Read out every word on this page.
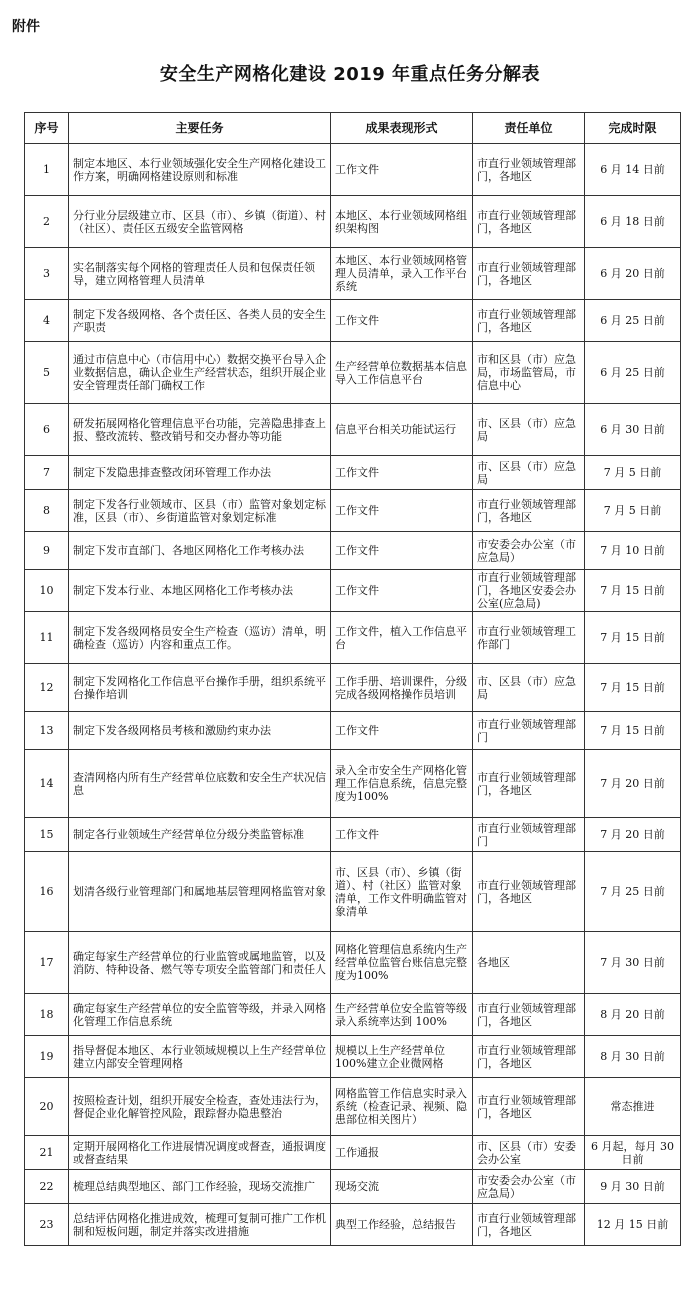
附件
安全生产网格化建设 2019 年重点任务分解表
序号	主要任务	成果表现形式	责任单位	完成时限

1	制定本地区、本行业领域强化安全生产网格化建设工作方案，明确网格建设原则和标准	工作文件	市直行业领域管理部门，各地区	6 月 14 日前

2	分行业分层级建立市、区县（市）、乡镇（街道）、村（社区）、责任区五级安全监管网格	本地区、本行业领域网格组织架构图	市直行业领域管理部门，各地区	6 月 18 日前

3	实名制落实每个网格的管理责任人员和包保责任领导，建立网格管理人员清单	本地区、本行业领域网格管理人员清单，录入工作平台系统	市直行业领域管理部门，各地区	6 月 20 日前

4	制定下发各级网格、各个责任区、各类人员的安全生产职责	工作文件	市直行业领域管理部门，各地区	6 月 25 日前

5	通过市信息中心（市信用中心）数据交换平台导入企业数据信息，确认企业生产经营状态，组织开展企业安全管理责任部门确权工作	生产经营单位数据基本信息导入工作信息平台	市和区县（市）应急局，市场监管局，市信息中心	6 月 25 日前

6	研发拓展网格化管理信息平台功能，完善隐患排查上报、整改流转、整改销号和交办督办等功能	信息平台相关功能试运行	市、区县（市）应急局	6 月 30 日前

7	制定下发隐患排查整改闭环管理工作办法	工作文件	市、区县（市）应急局	7 月 5 日前

8	制定下发各行业领域市、区县（市）监管对象划定标准，区县（市）、乡街道监管对象划定标准	工作文件	市直行业领域管理部门，各地区	7 月 5 日前

9	制定下发市直部门、各地区网格化工作考核办法	工作文件	市安委会办公室（市应急局）	7 月 10 日前

10	制定下发本行业、本地区网格化工作考核办法	工作文件	市直行业领域管理部门，各地区安委会办公室(应急局)	7 月 15 日前

11	制定下发各级网格员安全生产检查（巡访）清单，明确检查（巡访）内容和重点工作。	工作文件，植入工作信息平台	市直行业领域管理工作部门	7 月 15 日前

12	制定下发网格化工作信息平台操作手册，组织系统平台操作培训	工作手册、培训课件，分级完成各级网格操作员培训	市、区县（市）应急局	7 月 15 日前

13	制定下发各级网格员考核和激励约束办法	工作文件	市直行业领域管理部门	7 月 15 日前

14	查清网格内所有生产经营单位底数和安全生产状况信息	录入全市安全生产网格化管理工作信息系统，信息完整度为100%	市直行业领域管理部门，各地区	7 月 20 日前

15	制定各行业领域生产经营单位分级分类监管标准	工作文件	市直行业领域管理部门	7 月 20 日前

16	划清各级行业管理部门和属地基层管理网格监管对象	市、区县（市）、乡镇（街道）、村（社区）监管对象清单，工作文件明确监管对象清单	市直行业领域管理部门，各地区	7 月 25 日前

17	确定每家生产经营单位的行业监管或属地监管，以及消防、特种设备、燃气等专项安全监管部门和责任人	网格化管理信息系统内生产经营单位监管台账信息完整度为100%	各地区	7 月 30 日前

18	确定每家生产经营单位的安全监管等级，并录入网格化管理工作信息系统	生产经营单位安全监管等级录入系统率达到 100%	市直行业领域管理部门，各地区	8 月 20 日前

19	指导督促本地区、本行业领域规模以上生产经营单位建立内部安全管理网格	规模以上生产经营单位 100%建立企业微网格	市直行业领域管理部门，各地区	8 月 30 日前

20	按照检查计划，组织开展安全检查，查处违法行为，督促企业化解管控风险，跟踪督办隐患整治	网格监管工作信息实时录入系统（检查记录、视频、隐患部位相关图片）	市直行业领域管理部门，各地区	常态推进

21	定期开展网格化工作进展情况调度或督查，通报调度或督查结果	工作通报	市、区县（市）安委会办公室	6 月起，每月 30 日前

22	梳理总结典型地区、部门工作经验，现场交流推广	现场交流	市安委会办公室（市应急局）	9 月 30 日前

23	总结评估网格化推进成效，梳理可复制可推广工作机制和短板问题，制定并落实改进措施	典型工作经验，总结报告	市直行业领域管理部门，各地区	12 月 15 日前
